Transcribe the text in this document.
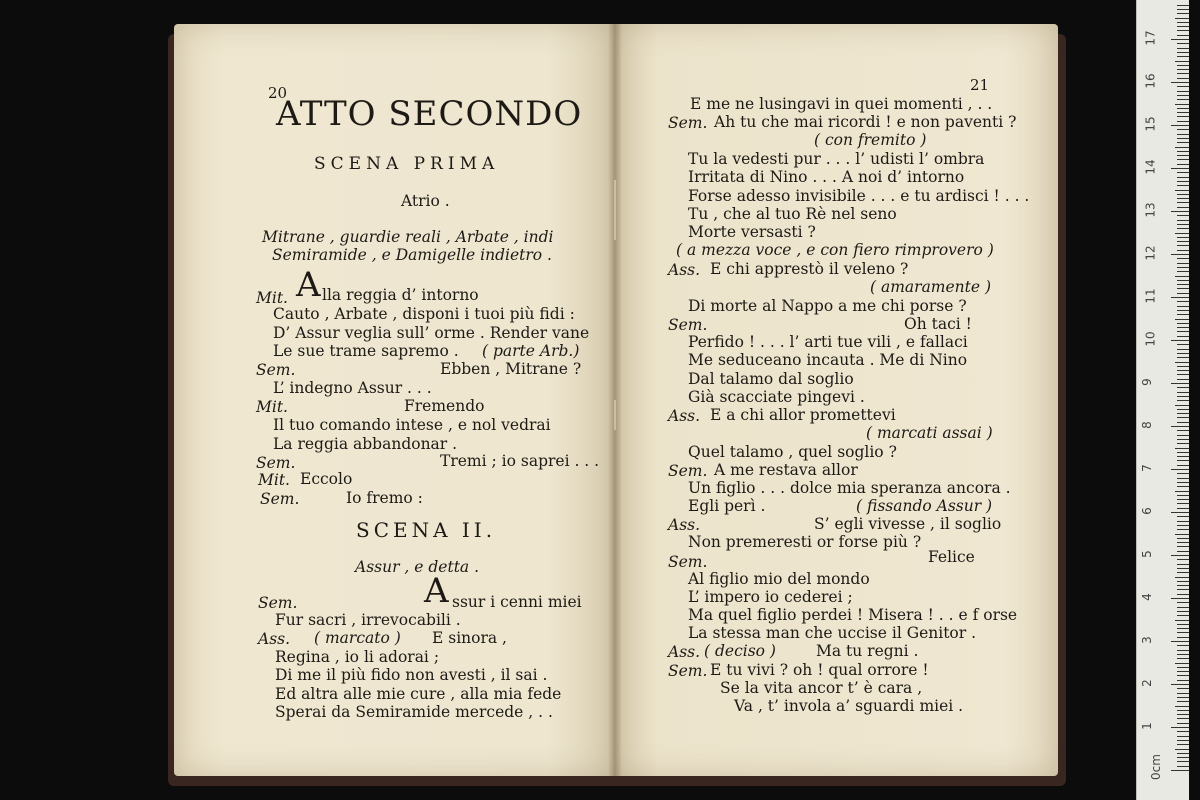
20
ATTO SECONDO
SCENA PRIMA
Atrio .
Mitrane , guardie reali , Arbate , indi
Semiramide , e Damigelle indietro .
Mit. A lla reggia d’ intorno
Cauto , Arbate , disponi i tuoi più fidi :
D’ Assur veglia sull’ orme . Render vane
Le sue trame sapremo . ( parte Arb.)
Sem.	Ebben , Mitrane ?
L’ indegno Assur . . .
Mit.	Fremendo
Il tuo comando intese , e nol vedrai
La reggia abbandonar .
Sem.	Tremi ; io saprei . . .
Mit. Eccolo
Sem.	Io fremo :
SCENA II.
Assur , e detta .
Sem.	A ssur i cenni miei
Fur sacri , irrevocabili .
Ass. ( marcato ) E sinora ,
Regina , io li adorai ;
Di me il più fido non avesti , il sai .
Ed altra alle mie cure , alla mia fede
Sperai da Semiramide mercede , . .
21
E me ne lusingavi in quei momenti , . .
Sem. Ah tu che mai ricordi ! e non paventi ?
( con fremito )
Tu la vedesti pur . . . l’ udisti l’ ombra
Irritata di Nino . . . A noi d’ intorno
Forse adesso invisibile . . . e tu ardisci ! . . .
Tu , che al tuo Rè nel seno
Morte versasti ?
( a mezza voce , e con fiero rimprovero )
Ass. E chi apprestò il veleno ?
( amaramente )
Di morte al Nappo a me chi porse ?
Sem.	Oh taci !
Perfido ! . . . l’ arti tue vili , e fallaci
Me seduceano incauta . Me di Nino
Dal talamo dal soglio
Già scacciate pingevi .
Ass. E a chi allor promettevi
( marcati assai )
Quel talamo , quel soglio ?
Sem. A me restava allor
Un figlio . . . dolce mia speranza ancora .
Egli perì .	( fissando Assur )
Ass.	S’ egli vivesse , il soglio
Non premeresti or forse più ?
Sem.	Felice
Al figlio mio del mondo
L’ impero io cederei ;
Ma quel figlio perdei ! Misera ! . . e f orse
La stessa man che uccise il Genitor .
Ass. ( deciso )	Ma tu regni .
Sem. E tu vivi ? oh ! qual orrore !
Se la vita ancor t’ è cara ,
Va , t’ invola a’ sguardi miei .
0cm
1
2
3
4
5
6
7
8
9
10
11
12
13
14
15
16
17
